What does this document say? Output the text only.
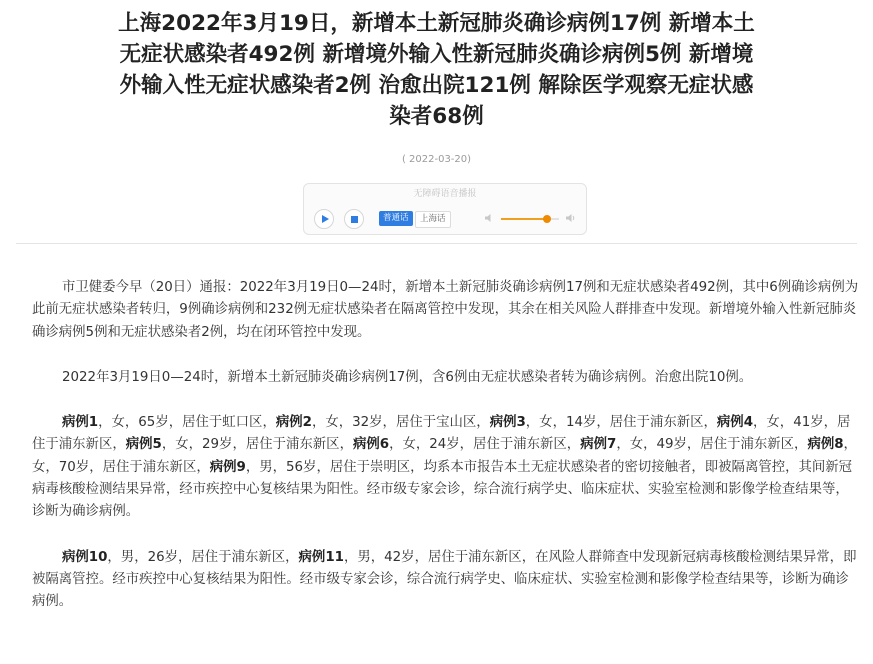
上海2022年3月19日，新增本土新冠肺炎确诊病例17例 新增本土
无症状感染者492例 新增境外输入性新冠肺炎确诊病例5例 新增境
外输入性无症状感染者2例 治愈出院121例 解除医学观察无症状感
染者68例
( 2022-03-20)
无障碍语音播报
普通话	上海话

市卫健委今早（20日）通报：2022年3月19日0—24时，新增本土新冠肺炎确诊病例17例和无症状感染者492例，其中6例确诊病例为此前无症状感染者转归，9例确诊病例和232例无症状感染者在隔离管控中发现，其余在相关风险人群排查中发现。新增境外输入性新冠肺炎确诊病例5例和无症状感染者2例，均在闭环管控中发现。

2022年3月19日0—24时，新增本土新冠肺炎确诊病例17例，含6例由无症状感染者转为确诊病例。治愈出院10例。

病例1，女，65岁，居住于虹口区，病例2，女，32岁，居住于宝山区，病例3，女，14岁，居住于浦东新区，病例4，女，41岁，居住于浦东新区，病例5，女，29岁，居住于浦东新区，病例6，女，24岁，居住于浦东新区，病例7，女，49岁，居住于浦东新区，病例8，女，70岁，居住于浦东新区，病例9，男，56岁，居住于崇明区，均系本市报告本土无症状感染者的密切接触者，即被隔离管控，其间新冠病毒核酸检测结果异常，经市疾控中心复核结果为阳性。经市级专家会诊，综合流行病学史、临床症状、实验室检测和影像学检查结果等，诊断为确诊病例。

病例10，男，26岁，居住于浦东新区，病例11，男，42岁，居住于浦东新区，在风险人群筛查中发现新冠病毒核酸检测结果异常，即被隔离管控。经市疾控中心复核结果为阳性。经市级专家会诊，综合流行病学史、临床症状、实验室检测和影像学检查结果等，诊断为确诊病例。
